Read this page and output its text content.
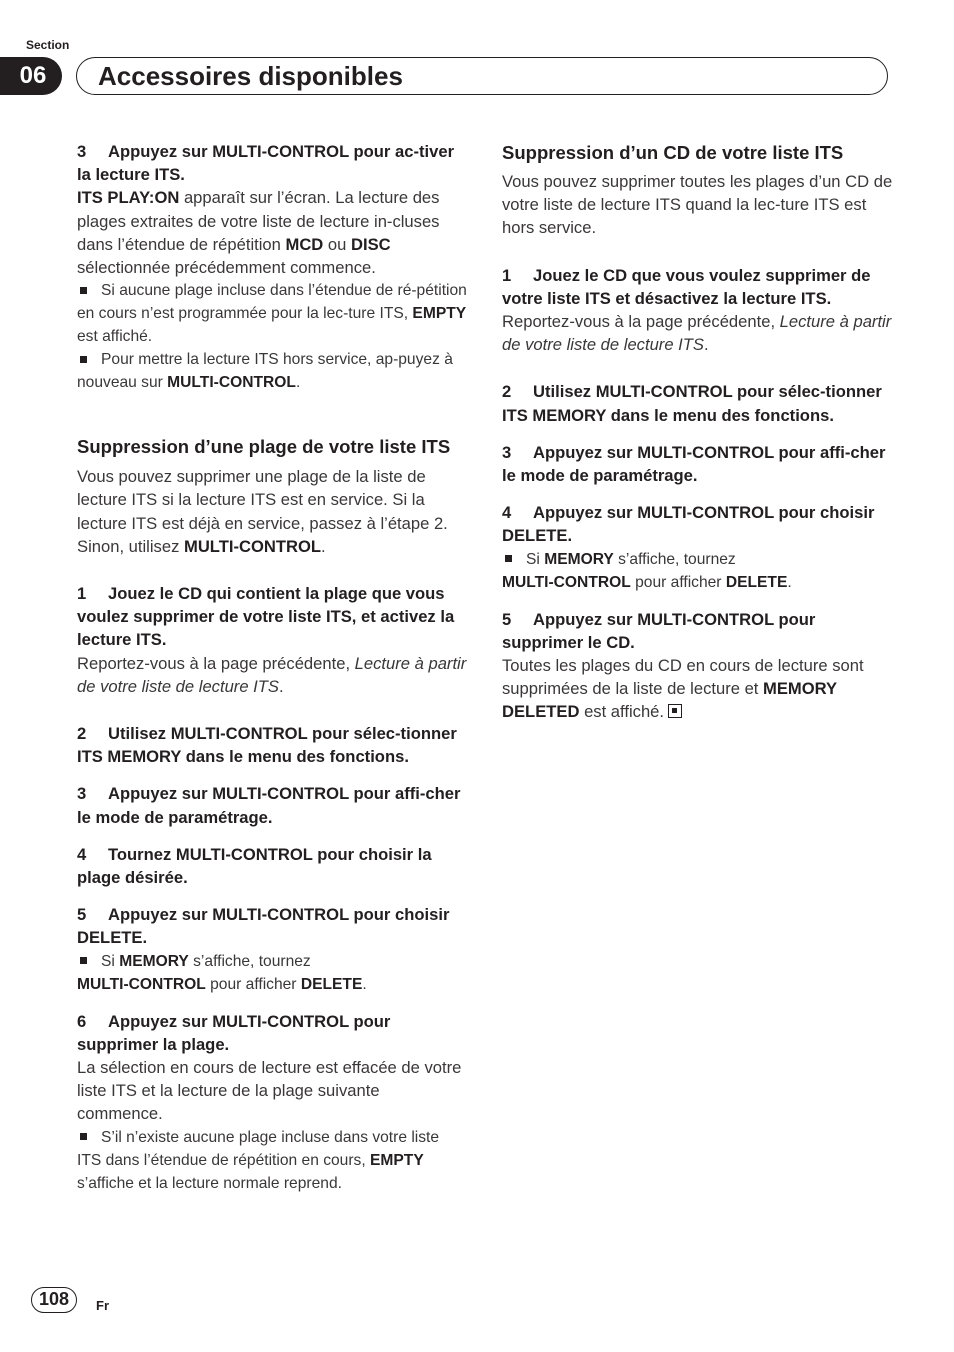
Section
06	Accessoires disponibles

3 Appuyez sur MULTI-CONTROL pour ac-tiver la lecture ITS.

ITS PLAY:ON apparaît sur l’écran. La lecture des plages extraites de votre liste de lecture in-cluses dans l’étendue de répétition MCD ou DISC sélectionnée précédemment commence.

Si aucune plage incluse dans l’étendue de ré-pétition en cours n’est programmée pour la lec-ture ITS, EMPTY est affiché.

Pour mettre la lecture ITS hors service, ap-puyez à nouveau sur MULTI-CONTROL.

Suppression d’une plage de votre liste ITS

Vous pouvez supprimer une plage de la liste de lecture ITS si la lecture ITS est en service. Si la lecture ITS est déjà en service, passez à l’étape 2. Sinon, utilisez MULTI-CONTROL.

1 Jouez le CD qui contient la plage que vous voulez supprimer de votre liste ITS, et activez la lecture ITS.

Reportez-vous à la page précédente, Lecture à partir de votre liste de lecture ITS.

2 Utilisez MULTI-CONTROL pour sélec-tionner ITS MEMORY dans le menu des fonctions.

3 Appuyez sur MULTI-CONTROL pour affi-cher le mode de paramétrage.

4 Tournez MULTI-CONTROL pour choisir la plage désirée.

5 Appuyez sur MULTI-CONTROL pour choisir DELETE.

Si MEMORY s’affiche, tournez
MULTI-CONTROL pour afficher DELETE.

6 Appuyez sur MULTI-CONTROL pour supprimer la plage.

La sélection en cours de lecture est effacée de votre liste ITS et la lecture de la plage suivante commence.

S’il n’existe aucune plage incluse dans votre liste ITS dans l’étendue de répétition en cours, EMPTY s’affiche et la lecture normale reprend.

Suppression d’un CD de votre liste ITS

Vous pouvez supprimer toutes les plages d’un CD de votre liste de lecture ITS quand la lec-ture ITS est hors service.

1 Jouez le CD que vous voulez supprimer de votre liste ITS et désactivez la lecture ITS.

Reportez-vous à la page précédente, Lecture à partir de votre liste de lecture ITS.

2 Utilisez MULTI-CONTROL pour sélec-tionner ITS MEMORY dans le menu des fonctions.

3 Appuyez sur MULTI-CONTROL pour affi-cher le mode de paramétrage.

4 Appuyez sur MULTI-CONTROL pour choisir DELETE.

Si MEMORY s’affiche, tournez
MULTI-CONTROL pour afficher DELETE.

5 Appuyez sur MULTI-CONTROL pour supprimer le CD.

Toutes les plages du CD en cours de lecture sont supprimées de la liste de lecture et MEMORY DELETED est affiché.

108	Fr
